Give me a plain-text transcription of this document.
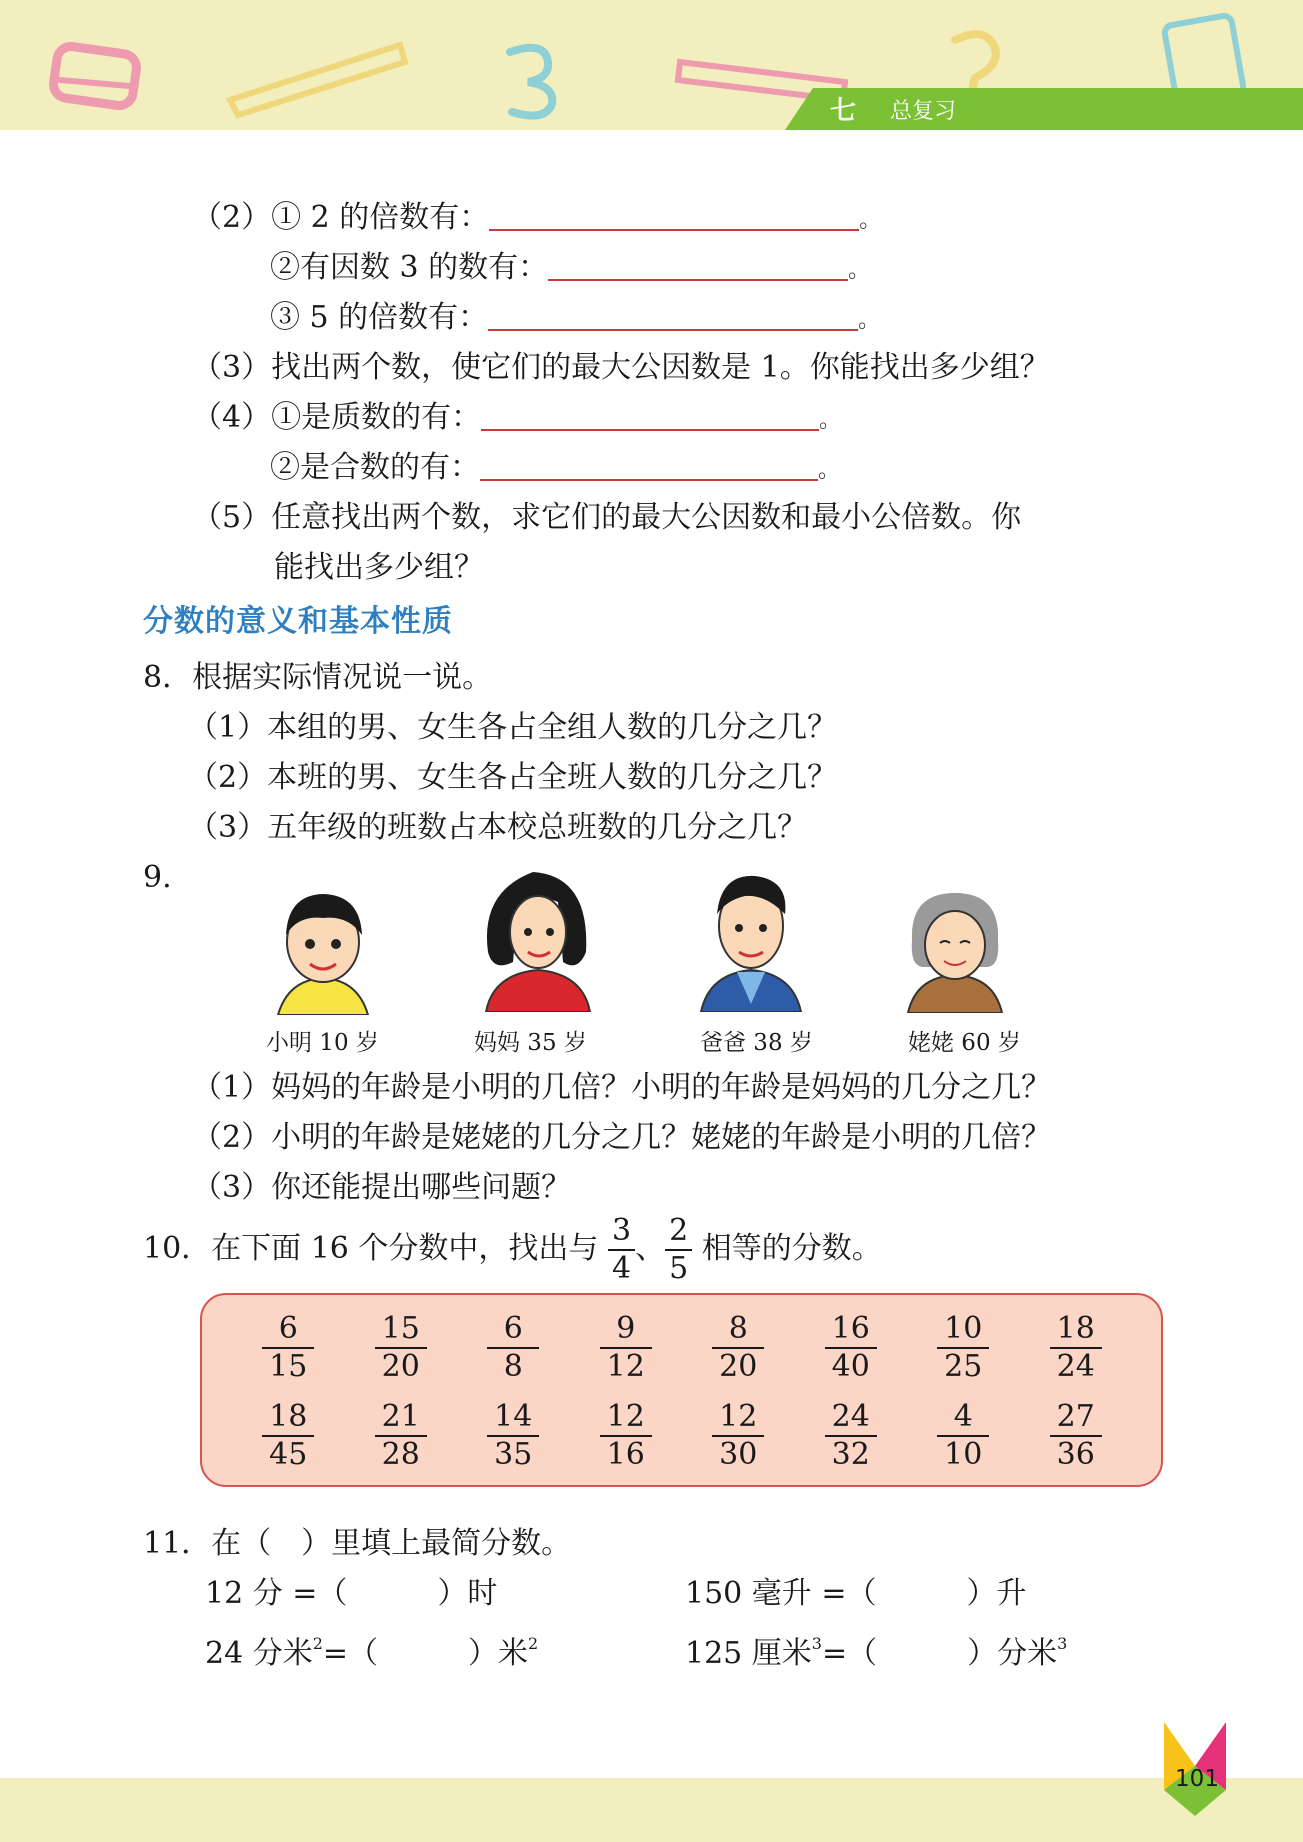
七 总复习
（2）① 2 的倍数有：	。
②有因数 3 的数有：	。
③ 5 的倍数有：	。
（3）找出两个数，使它们的最大公因数是 1。你能找出多少组？
（4）①是质数的有：	。
②是合数的有：	。
（5）任意找出两个数，求它们的最大公因数和最小公倍数。你
能找出多少组？
分数的意义和基本性质
8．根据实际情况说一说。
（1）本组的男、女生各占全组人数的几分之几？
（2）本班的男、女生各占全班人数的几分之几？
（3）五年级的班数占本校总班数的几分之几？
9.
小明 10 岁	妈妈 35 岁	爸爸 38 岁	姥姥 60 岁
（1）妈妈的年龄是小明的几倍？小明的年龄是妈妈的几分之几？
（2）小明的年龄是姥姥的几分之几？姥姥的年龄是小明的几倍？
（3）你还能提出哪些问题？
10．在下面 16 个分数中，找出与 $\frac{3}{4}$ 、 $\frac{2}{5}$ 相等的分数。
$\frac{6}{15} \frac{15}{20} \frac{6}{8} \frac{9}{12} \frac{8}{20} \frac{16}{40} \frac{10}{25} \frac{18}{24}$
$\frac{18}{45} \frac{21}{28} \frac{14}{35} \frac{12}{16} \frac{12}{30} \frac{24}{32} \frac{4}{10} \frac{27}{36}$
11．在（　）里填上最简分数。
12 分 =（　　　）时	150 毫升 =（　　　）升
24 分米$^2$=（　　　）米$^2$	125 厘米$^3$=（　　　）分米$^3$
101
